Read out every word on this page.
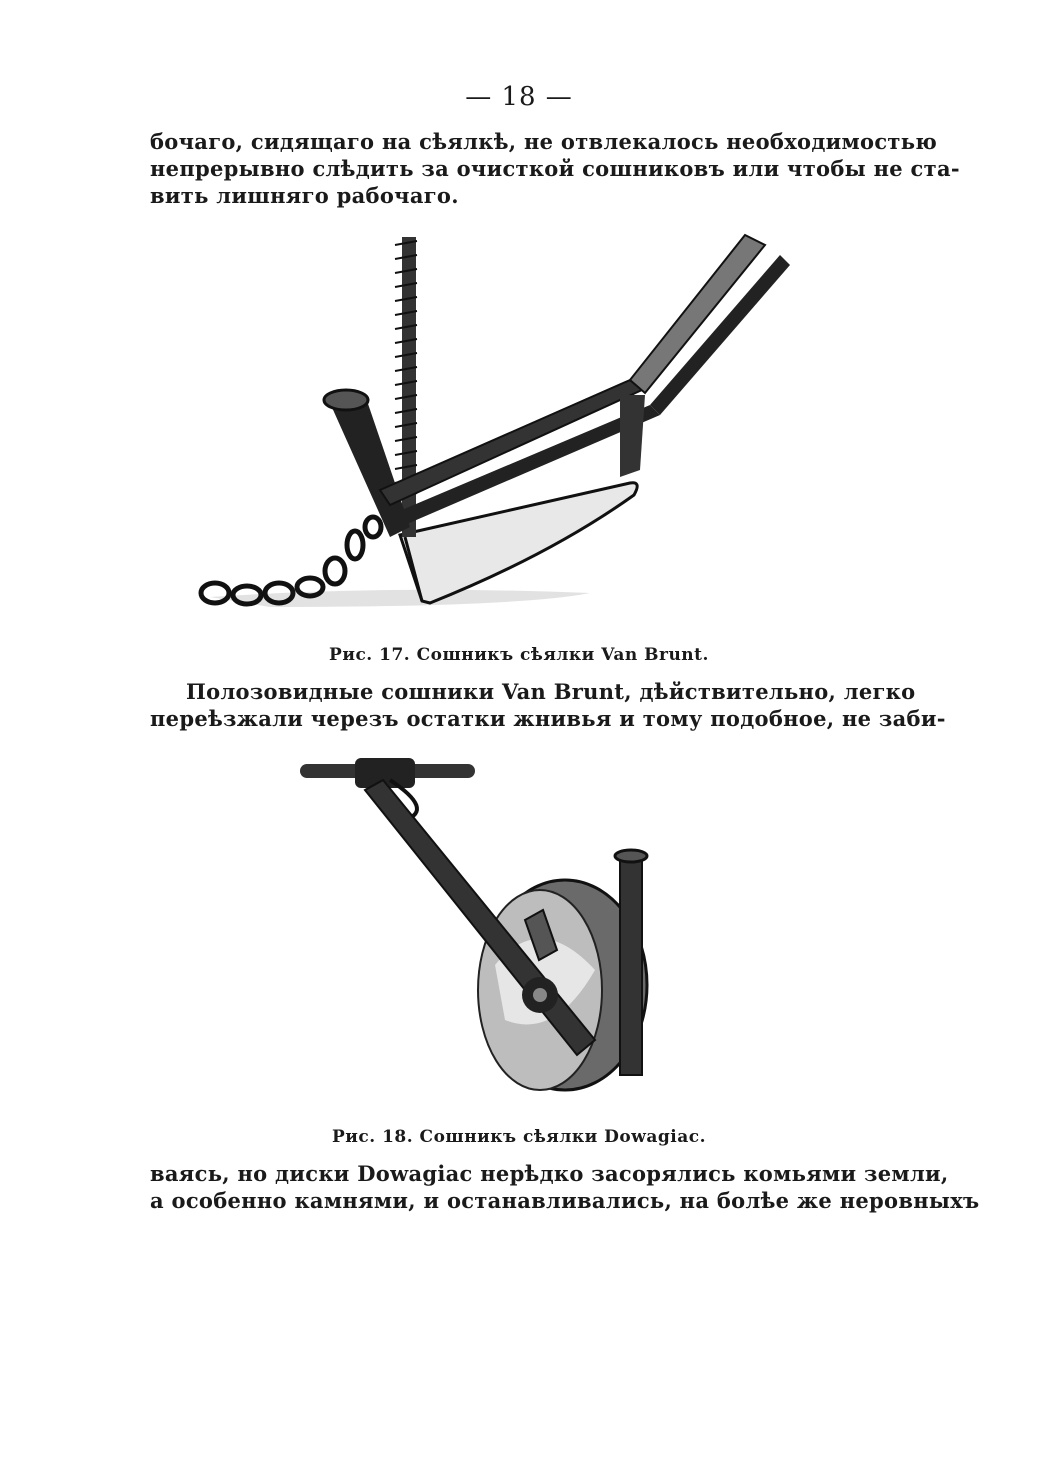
— 18 —
бочаго, сидящаго на сѣялкѣ, не отвлекалось необходимостью
непрерывно слѣдить за очисткой сошниковъ или чтобы не ста-
вить лишняго рабочаго.
Рис. 17. Сошникъ сѣялки Van Brunt.
Полозовидные сошники Van Brunt, дѣйствительно, легко
переѣзжали черезъ остатки жнивья и тому подобное, не заби-
Рис. 18. Сошникъ сѣялки Dowagiac.
ваясь, но диски Dowagiac нерѣдко засорялись комьями земли,
а особенно камнями, и останавливались, на болѣе же неровныхъ
